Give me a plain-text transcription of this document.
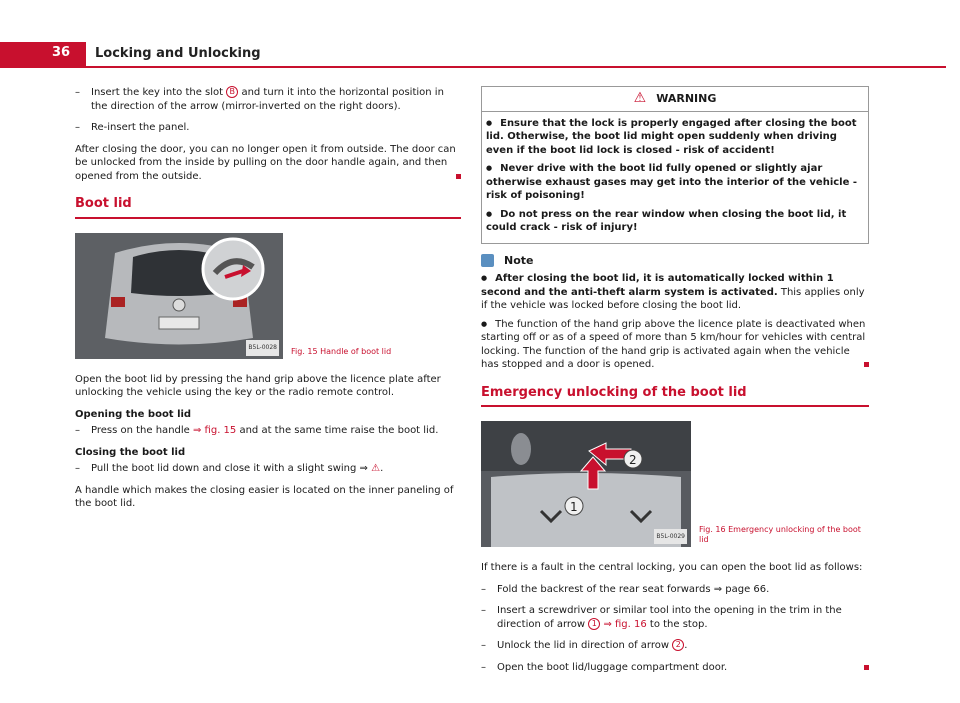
36 Locking and Unlocking
– Insert the key into the slot B and turn it into the horizontal position in the direction of the arrow (mirror-inverted on the right doors).
– Re-insert the panel.

After closing the door, you can no longer open it from outside. The door can be unlocked from the inside by pulling on the door handle again, and then opened from the outside.

Boot lid
B5L-0028 Fig. 15 Handle of boot lid

Open the boot lid by pressing the hand grip above the licence plate after unlocking the vehicle using the key or the radio remote control.

Opening the boot lid
– Press on the handle ⇒ fig. 15 and at the same time raise the boot lid.
Closing the boot lid
– Pull the boot lid down and close it with a slight swing ⇒ ⚠.

A handle which makes the closing easier is located on the inner paneling of the boot lid.

⚠ WARNING
● Ensure that the lock is properly engaged after closing the boot lid. Otherwise, the boot lid might open suddenly when driving even if the boot lid lock is closed - risk of accident!
● Never drive with the boot lid fully opened or slightly ajar otherwise exhaust gases may get into the interior of the vehicle - risk of poisoning!
● Do not press on the rear window when closing the boot lid, it could crack - risk of injury!
Note
● After closing the boot lid, it is automatically locked within 1 second and the anti-theft alarm system is activated. This applies only if the vehicle was locked before closing the boot lid.
● The function of the hand grip above the licence plate is deactivated when starting off or as of a speed of more than 5 km/hour for vehicles with central locking. The function of the hand grip is activated again when the vehicle has stopped and a door is opened.
Emergency unlocking of the boot lid
2
1
B5L-0029
Fig. 16 Emergency unlocking of the boot lid

If there is a fault in the central locking, you can open the boot lid as follows:

– Fold the backrest of the rear seat forwards ⇒ page 66.
– Insert a screwdriver or similar tool into the opening in the trim in the direction of arrow 1 ⇒ fig. 16 to the stop.
– Unlock the lid in direction of arrow 2 .
– Open the boot lid/luggage compartment door.
